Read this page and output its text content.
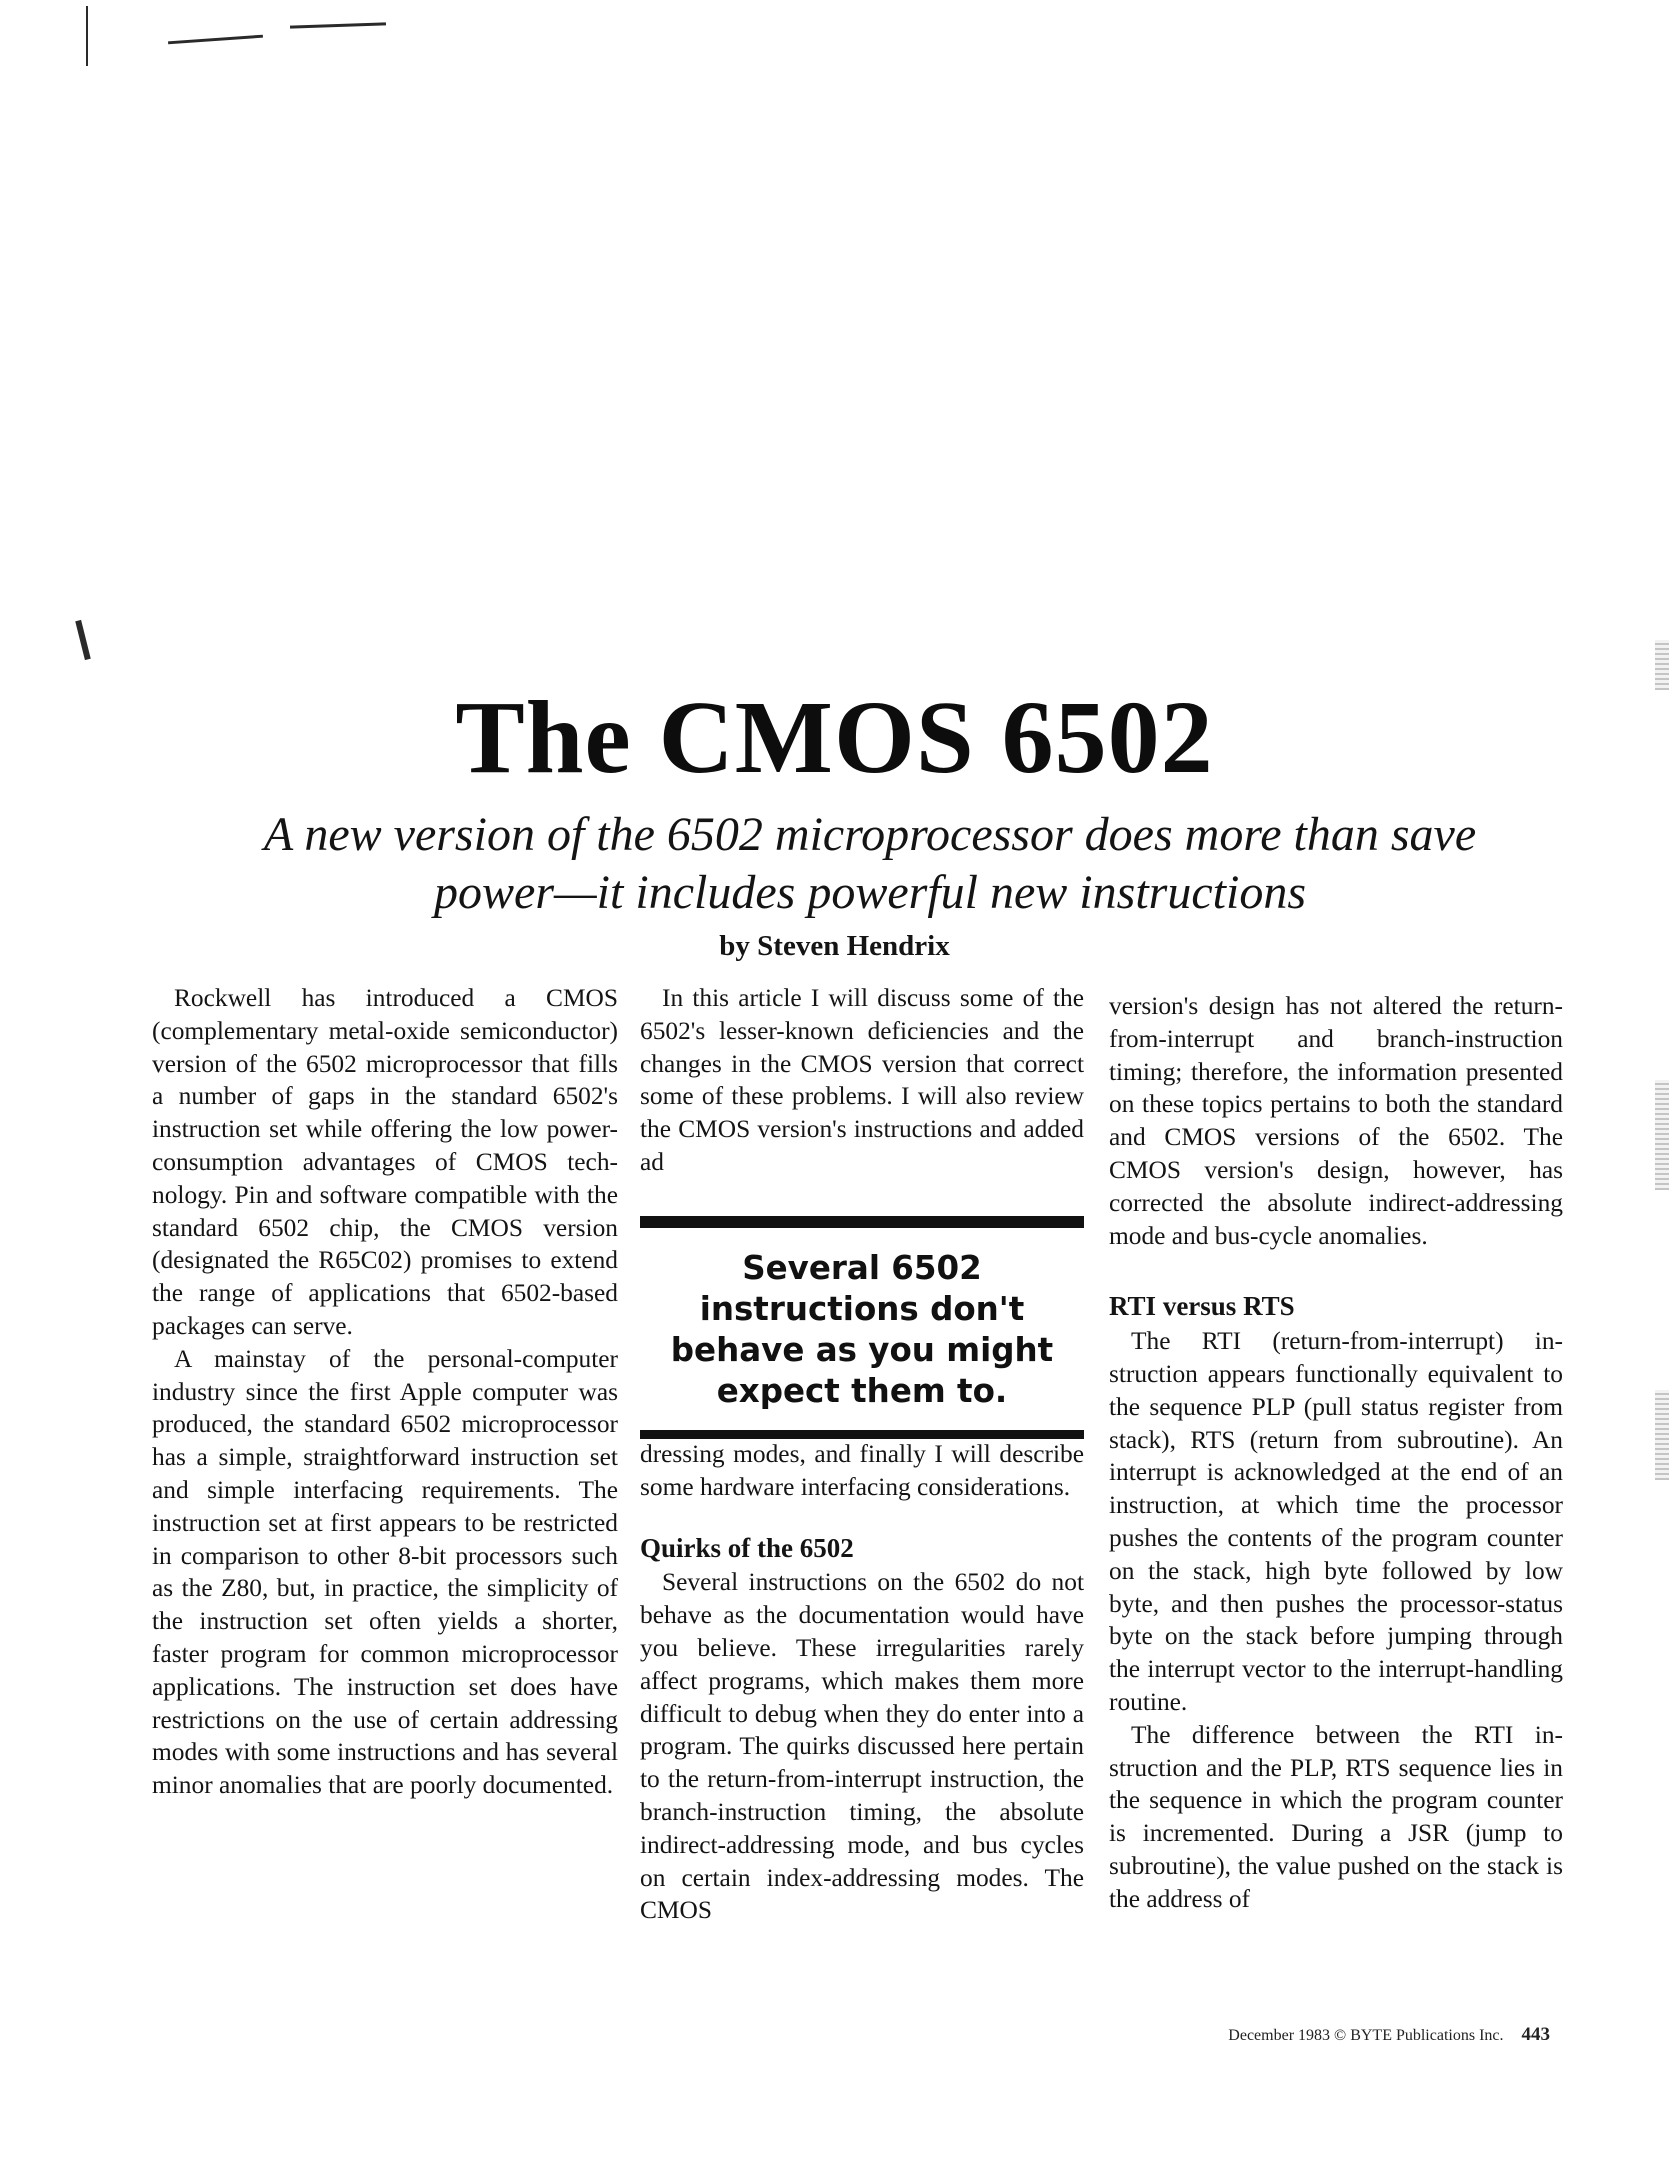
The CMOS 6502
A new version of the 6502 microprocessor does more than save
power—it includes powerful new instructions
by Steven Hendrix

Rockwell has introduced a CMOS (complementary metal-oxide semiconductor) version of the 6502 microprocessor that fills a number of gaps in the standard 6502's instruction set while offering the low power-consumption advantages of CMOS technology. Pin and software compatible with the standard 6502 chip, the CMOS version (designated the R65C02) promises to extend the range of applications that 6502-based packages can serve.

A mainstay of the personal-computer industry since the first Apple computer was produced, the standard 6502 microprocessor has a simple, straightforward instruction set and simple interfacing requirements. The instruction set at first appears to be restricted in comparison to other 8-bit processors such as the Z80, but, in practice, the simplicity of the instruction set often yields a shorter, faster program for common microprocessor applications. The instruction set does have restrictions on the use of certain addressing modes with some instructions and has several minor anomalies that are poorly documented.

In this article I will discuss some of the 6502's lesser-known deficiencies and the changes in the CMOS version that correct some of these problems. I will also review the CMOS version's instructions and added ad

Several 6502 instructions don't behave as you might expect them to.

dressing modes, and finally I will describe some hardware interfacing considerations.

Quirks of the 6502

Several instructions on the 6502 do not behave as the documentation would have you believe. These irregularities rarely affect programs, which makes them more difficult to debug when they do enter into a program. The quirks discussed here pertain to the return-from-interrupt instruction, the branch-instruction timing, the absolute indirect-addressing mode, and bus cycles on certain index-addressing modes. The CMOS

version's design has not altered the return-from-interrupt and branch-instruction timing; therefore, the information presented on these topics pertains to both the standard and CMOS versions of the 6502. The CMOS version's design, however, has corrected the absolute indirect-addressing mode and bus-cycle anomalies.

RTI versus RTS

The RTI (return-from-interrupt) instruction appears functionally equivalent to the sequence PLP (pull status register from stack), RTS (return from subroutine). An interrupt is acknowledged at the end of an instruction, at which time the processor pushes the contents of the program counter on the stack, high byte followed by low byte, and then pushes the processor-status byte on the stack before jumping through the interrupt vector to the interrupt-handling routine.

The difference between the RTI instruction and the PLP, RTS sequence lies in the sequence in which the program counter is incremented. During a JSR (jump to subroutine), the value pushed on the stack is the address of

December 1983 © BYTE Publications Inc. 443
